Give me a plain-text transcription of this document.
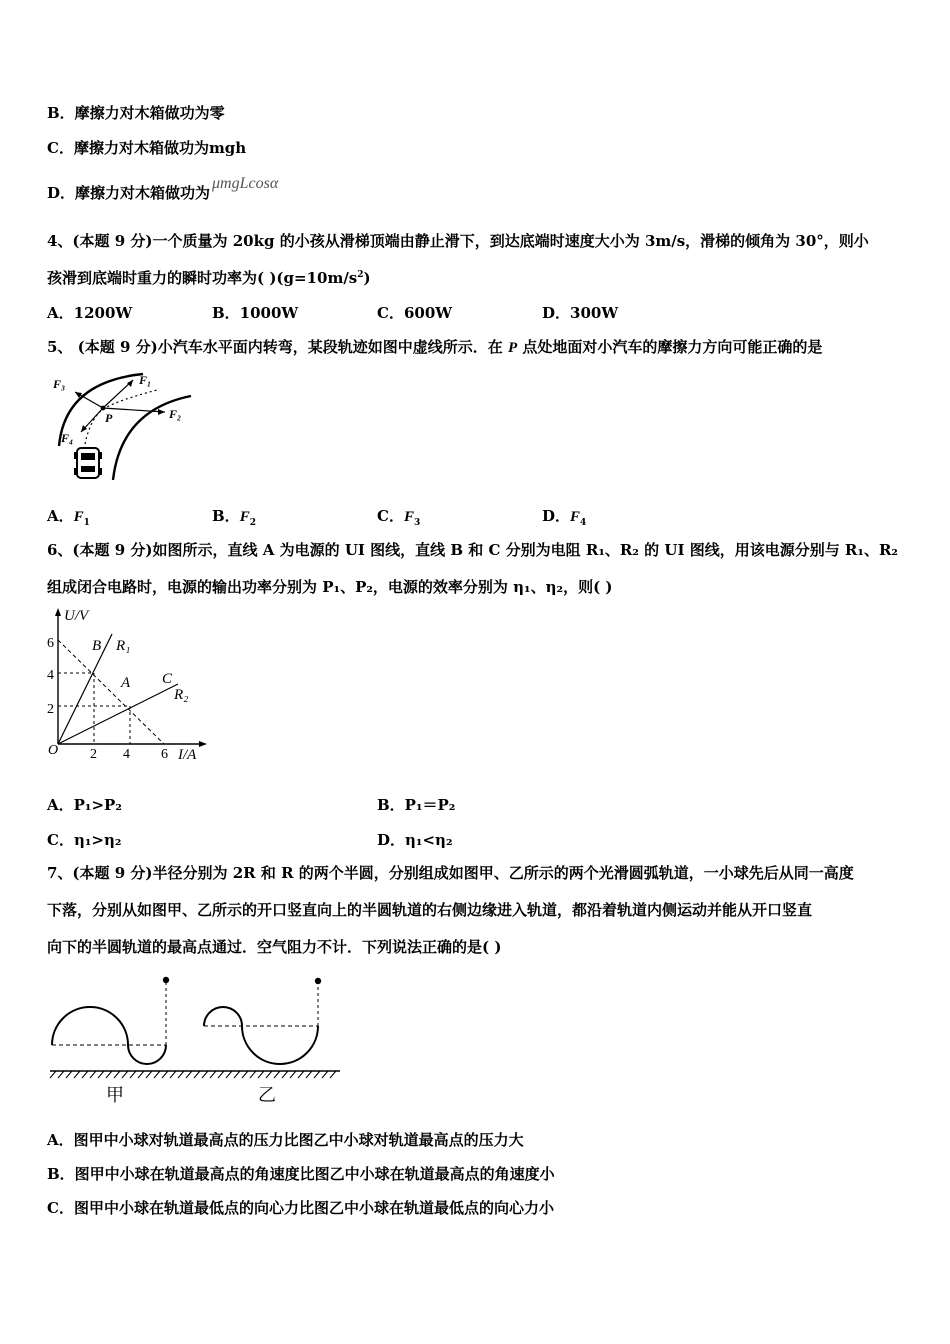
B．摩擦力对木箱做功为零
C．摩擦力对木箱做功为mgh
D．摩擦力对木箱做功为μmgLcosα
4、(本题 9 分)一个质量为 20kg 的小孩从滑梯顶端由静止滑下，到达底端时速度大小为 3m/s，滑梯的倾角为 30°，则小
孩滑到底端时重力的瞬时功率为( )$(g=10m/s^2)$
A．1200W	B．1000W	C．600W	D．300W
5、 (本题 9 分)小汽车水平面内转弯，某段轨迹如图中虚线所示．在 P 点处地面对小汽车的摩擦力方向可能正确的是
F₃	F₁
P
F₄
F₂
A．$F_1$	B．$F_2$	C．$F_3$	D．$F_4$
6、(本题 9 分)如图所示，直线 A 为电源的 UI 图线，直线 B 和 C 分别为电阻 R₁、R₂ 的 UI 图线，用该电源分别与 R₁、R₂
组成闭合电路时，电源的输出功率分别为 P₁、P₂，电源的效率分别为 η₁、η₂，则( )
U/V
I/A
O
6
4
2
2 4 6
B R₁
A C
R₂
A．P₁>P₂	B．P₁＝P₂
C．η₁>η₂	D．η₁<η₂
7、(本题 9 分)半径分别为 2R 和 R 的两个半圆，分别组成如图甲、乙所示的两个光滑圆弧轨道，一小球先后从同一高度
下落，分别从如图甲、乙所示的开口竖直向上的半圆轨道的右侧边缘进入轨道，都沿着轨道内侧运动并能从开口竖直
向下的半圆轨道的最高点通过．空气阻力不计．下列说法正确的是( )
甲	乙
A．图甲中小球对轨道最高点的压力比图乙中小球对轨道最高点的压力大
B．图甲中小球在轨道最高点的角速度比图乙中小球在轨道最高点的角速度小
C．图甲中小球在轨道最低点的向心力比图乙中小球在轨道最低点的向心力小
